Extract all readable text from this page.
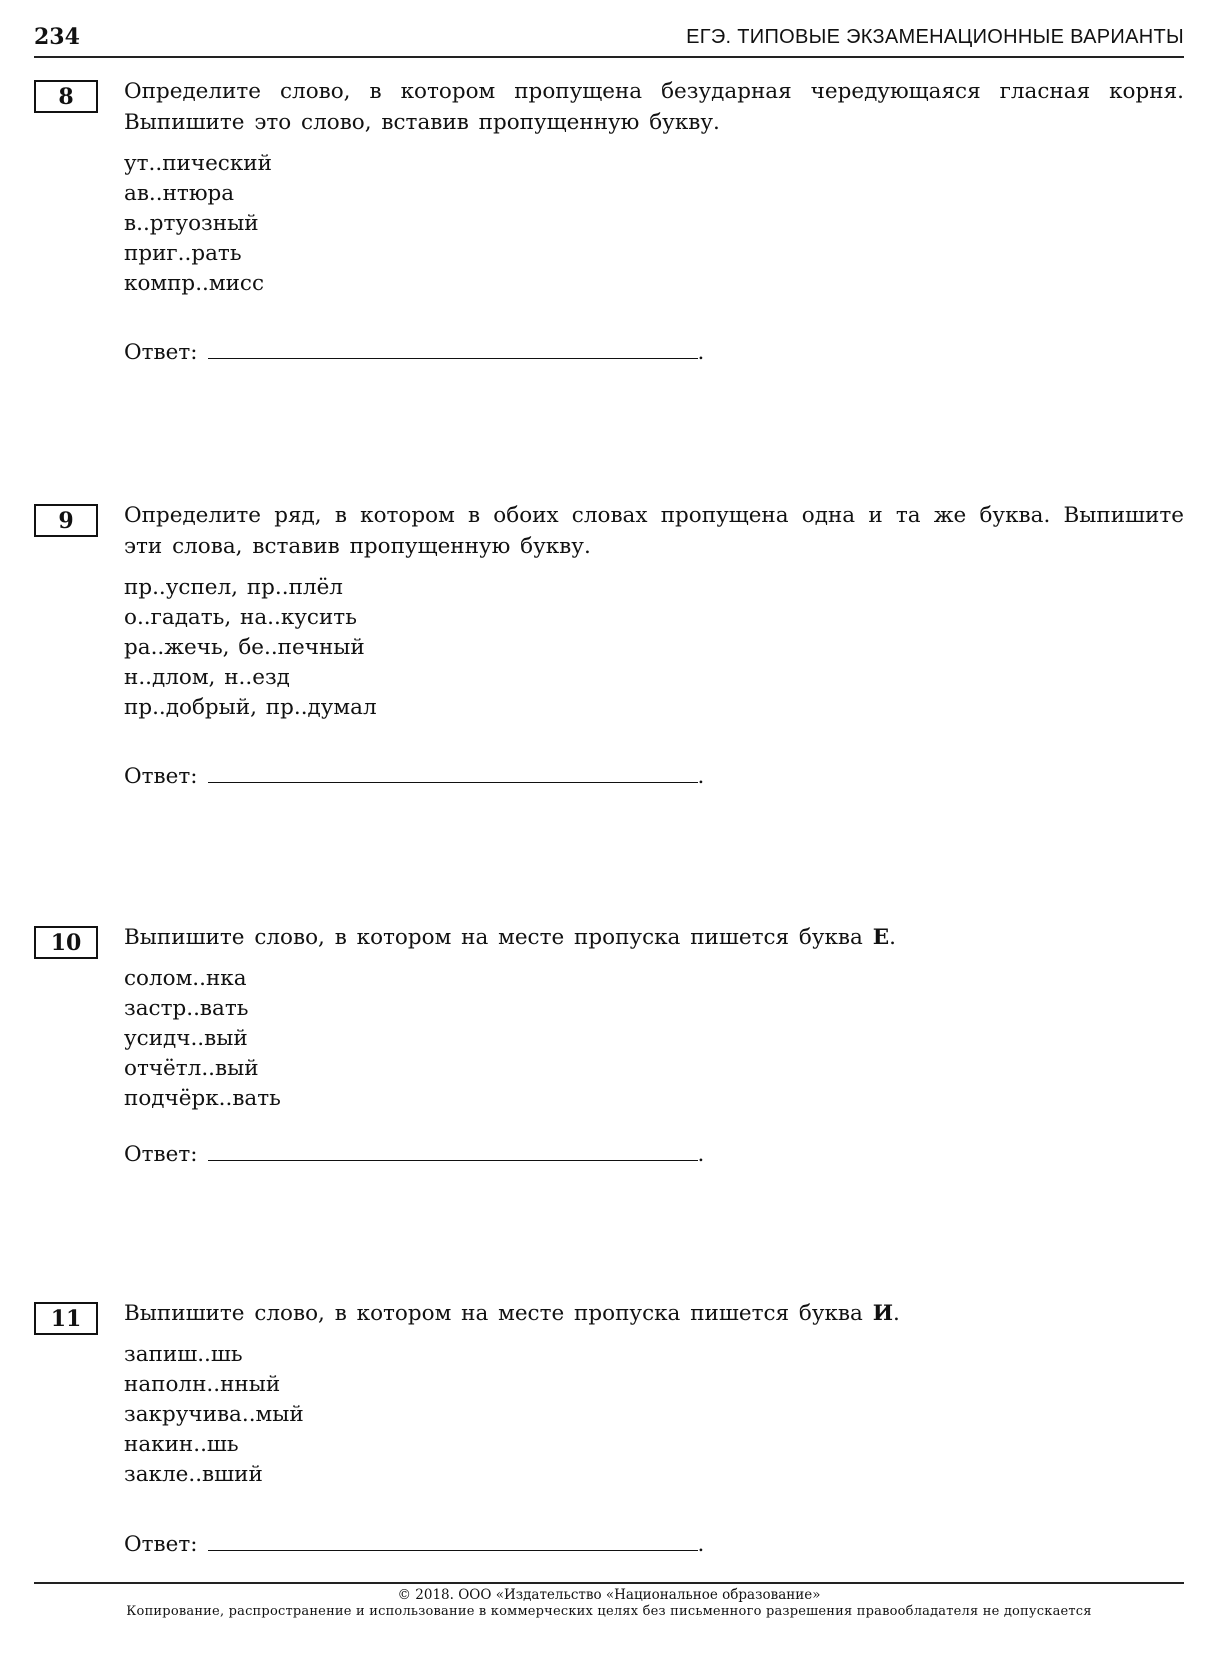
234	ЕГЭ. ТИПОВЫЕ ЭКЗАМЕНАЦИОННЫЕ ВАРИАНТЫ
8	Определите слово, в котором пропущена безударная чередующаяся гласная корня. Выпишите это слово, вставив пропущенную букву.

ут..пический
ав..нтюра
в..ртуозный
приг..рать
компр..мисс
Ответ:	.
9	Определите ряд, в котором в обоих словах пропущена одна и та же буква. Выпишите эти слова, вставив пропущенную букву.

пр..успел, пр..плёл
о..гадать, на..кусить
ра..жечь, бе..печный
н..длом, н..езд
пр..добрый, пр..думал
Ответ:	.
10	Выпишите слово, в котором на месте пропуска пишется буква Е.

солом..нка
застр..вать
усидч..вый
отчётл..вый
подчёрк..вать
Ответ:	.
11	Выпишите слово, в котором на месте пропуска пишется буква И.

запиш..шь
наполн..нный
закручива..мый
накин..шь
закле..вший
Ответ:	.
© 2018. ООО «Издательство «Национальное образование»
Копирование, распространение и использование в коммерческих целях без письменного разрешения правообладателя не допускается
